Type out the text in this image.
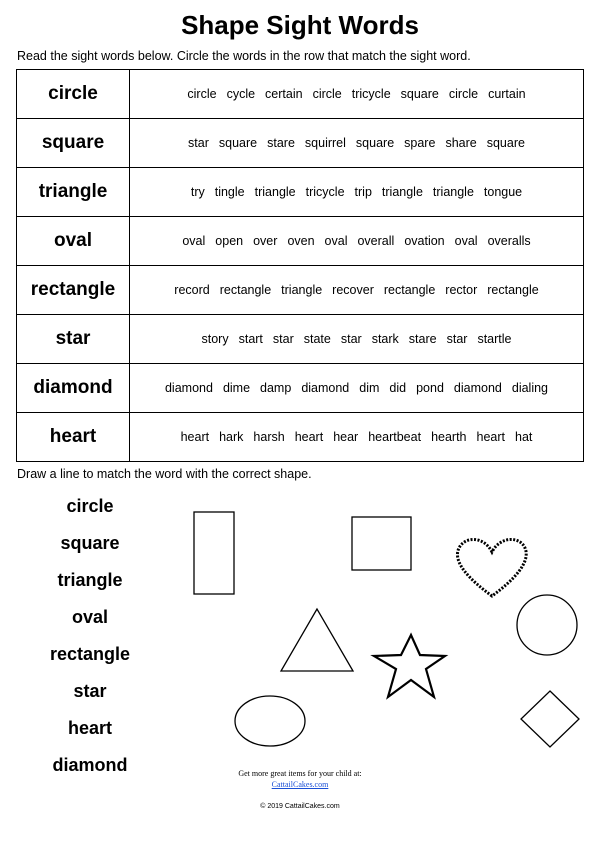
Shape Sight Words
Read the sight words below. Circle the words in the row that match the sight word.
circle	circle cycle certain circle tricycle square circle curtain
square	star square stare squirrel square spare share square
triangle	try tingle triangle tricycle trip triangle triangle tongue
oval	oval open over oven oval overall ovation oval overalls
rectangle	record rectangle triangle recover rectangle rector rectangle
star	story start star state star stark stare star startle
diamond	diamond dime damp diamond dim did pond diamond dialing
heart	heart hark harsh heart hear heartbeat hearth heart hat
Draw a line to match the word with the correct shape.
circle
square
triangle
oval
rectangle
star
heart
diamond	Get more great items for your child at:
CattailCakes.com
© 2019 CattailCakes.com
